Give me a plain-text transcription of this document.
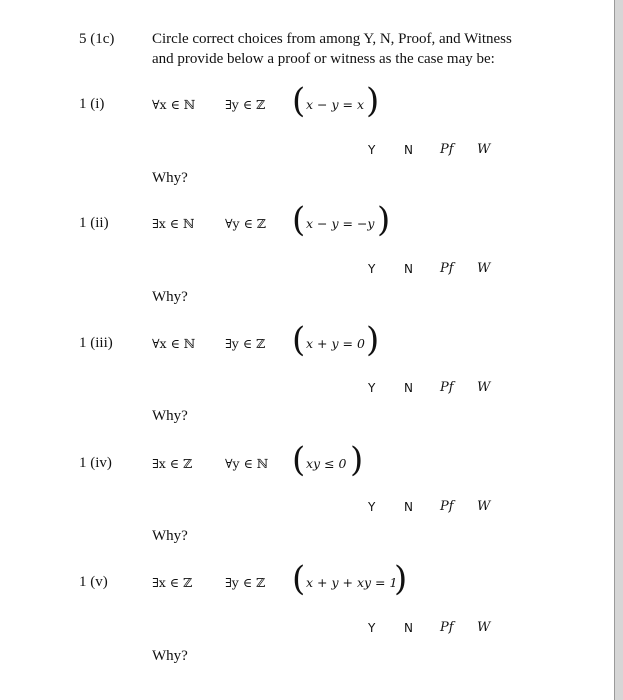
5 (1c)	Circle correct choices from among Y, N, Proof, and Witness
and provide below a proof or witness as the case may be:
1 (i)	∀x ∈ ℕ ∃y ∈ ℤ ( x − y = x )
Y N Pf W
Why?
1 (ii)	∃x ∈ ℕ ∀y ∈ ℤ ( x − y = −y )
Y N Pf W
Why?
1 (iii)	∀x ∈ ℕ ∃y ∈ ℤ ( x + y = 0 )
Y N Pf W
Why?
1 (iv)	∃x ∈ ℤ	∀y ∈ ℕ ( xy ≤ 0 )
Y N Pf W
Why?
1 (v)	∃x ∈ ℤ	∃y ∈ ℤ ( x + y + xy = 1
)
Y N Pf W
Why?
